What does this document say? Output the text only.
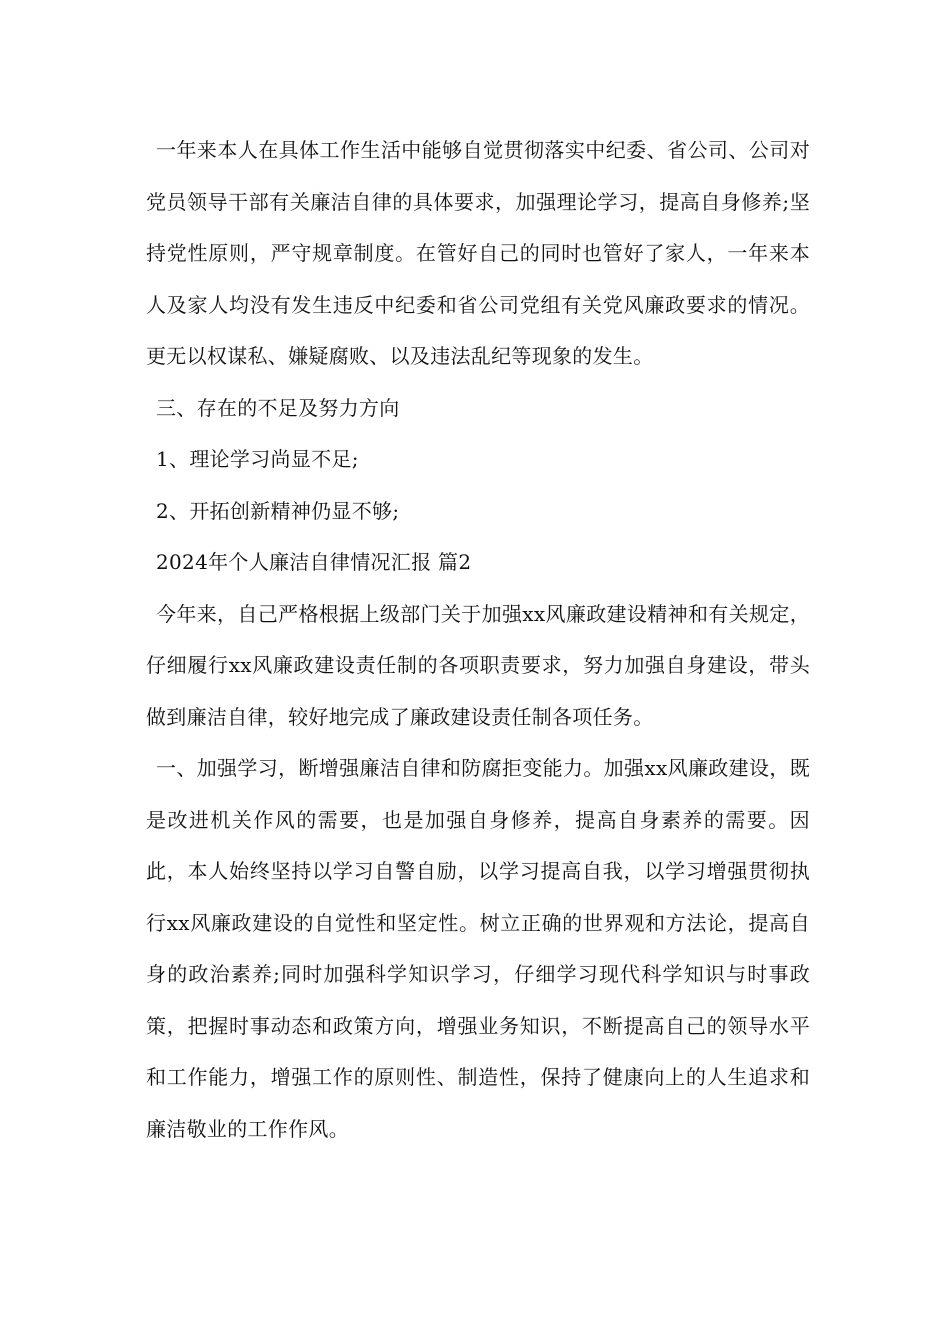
一年来本人在具体工作生活中能够自觉贯彻落实中纪委、省公司、公司对党员领导干部有关廉洁自律的具体要求，加强理论学习，提高自身修养;坚持党性原则，严守规章制度。在管好自己的同时也管好了家人，一年来本人及家人均没有发生违反中纪委和省公司党组有关党风廉政要求的情况。更无以权谋私、嫌疑腐败、以及违法乱纪等现象的发生。

三、存在的不足及努力方向

1、理论学习尚显不足;

2、开拓创新精神仍显不够;

2024年个人廉洁自律情况汇报 篇2

今年来，自己严格根据上级部门关于加强xx风廉政建设精神和有关规定，仔细履行xx风廉政建设责任制的各项职责要求，努力加强自身建设，带头做到廉洁自律，较好地完成了廉政建设责任制各项任务。

一、加强学习，断增强廉洁自律和防腐拒变能力。加强xx风廉政建设，既是改进机关作风的需要，也是加强自身修养，提高自身素养的需要。因此，本人始终坚持以学习自警自励，以学习提高自我，以学习增强贯彻执行xx风廉政建设的自觉性和坚定性。树立正确的世界观和方法论，提高自身的政治素养;同时加强科学知识学习，仔细学习现代科学知识与时事政策，把握时事动态和政策方向，增强业务知识，不断提高自己的领导水平和工作能力，增强工作的原则性、制造性，保持了健康向上的人生追求和廉洁敬业的工作作风。
